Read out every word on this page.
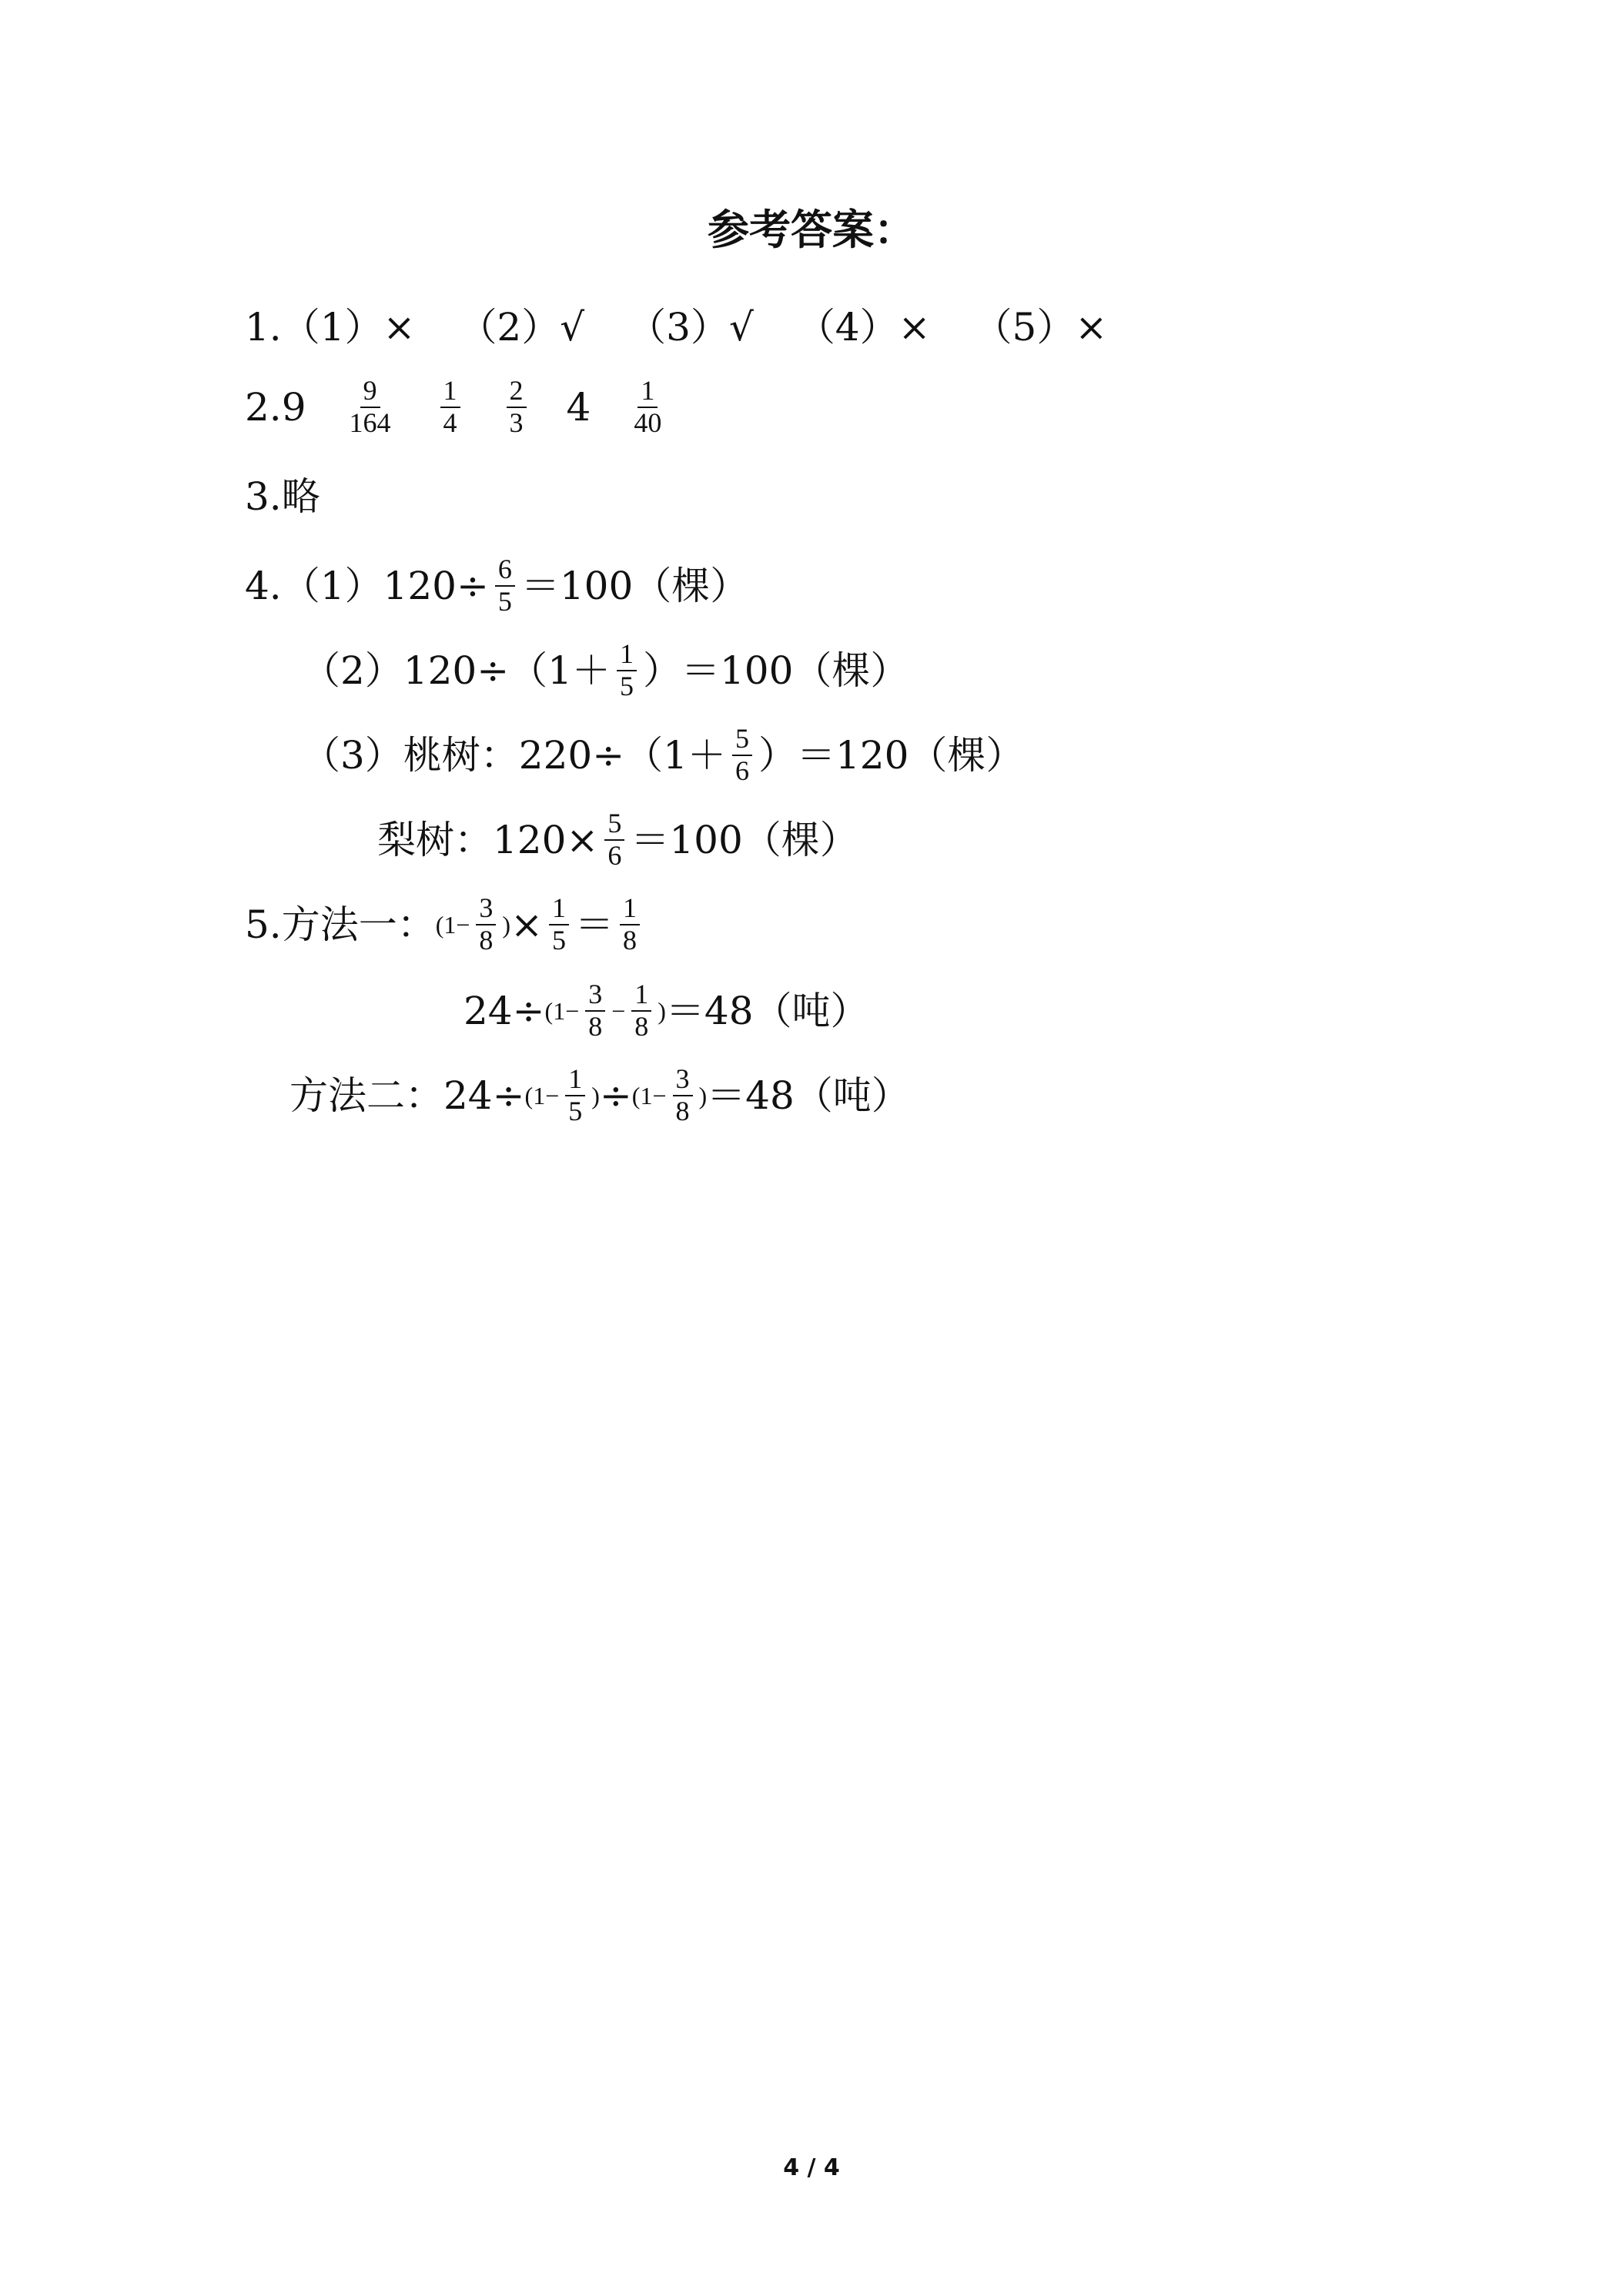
参考答案：
1. （1） × （2） √ （3） √ （4） × （5） ×
$2.9 \frac{9}{164} \frac{1}{4} \frac{2}{3} 4 \frac{1}{40}$
3.略
$4.(1)120\div \frac{6}{5} =100$（棵）
$(2)120\div(1+ \frac{1}{5} )=100$（棵）
（3）桃树：$220\div(1+ \frac{5}{6} )=120$（棵）
梨树：$120\times \frac{5}{6} =100$（棵）
5.方法一： ($1- \frac{3}{8}$ ) × $\frac{1}{5} = \frac{1}{8}$
$24\div (1- \frac{3}{8} - \frac{1}{8}$ ) ＝48（吨）
方法二：$24\div (1- \frac{1}{5}$ ) ÷ ($1- \frac{3}{8}$ ) ＝48（吨）
4 / 4
